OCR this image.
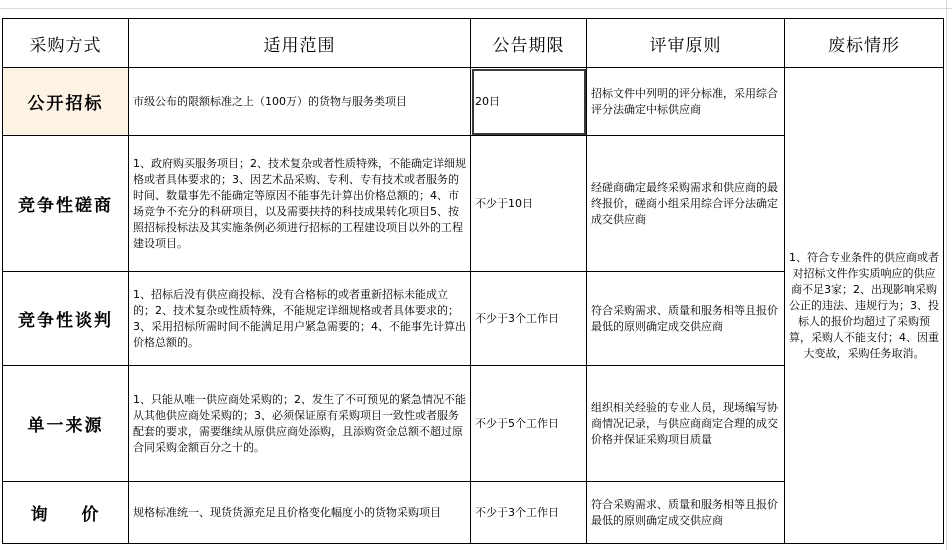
采购方式	适用范围	公告期限	评审原则	废标情形
公开招标	市级公布的限额标准之上（100万）的货物与服务类项目	20日	招标文件中列明的评分标准，采用综合评分法确定中标供应商	1、符合专业条件的供应商或者对招标文件作实质响应的供应商不足3家；2、出现影响采购公正的违法、违规行为；3、投标人的报价均超过了采购预算，采购人不能支付；4、因重大变故，采购任务取消。
竞争性磋商	1、政府购买服务项目；2、技术复杂或者性质特殊，不能确定详细规格或者具体要求的；3、因艺术品采购、专利、专有技术或者服务的时间、数量事先不能确定等原因不能事先计算出价格总额的；4、市场竞争不充分的科研项目，以及需要扶持的科技成果转化项目5、按照招标投标法及其实施条例必须进行招标的工程建设项目以外的工程建设项目。	不少于10日	经磋商确定最终采购需求和供应商的最终报价，磋商小组采用综合评分法确定成交供应商	
竞争性谈判	1、招标后没有供应商投标、没有合格标的或者重新招标未能成立的；2、技术复杂或性质特殊，不能规定详细规格或者具体要求的；3、采用招标所需时间不能满足用户紧急需要的；4、不能事先计算出价格总额的。	不少于3个工作日	符合采购需求、质量和服务相等且报价最低的原则确定成交供应商	
单一来源	1、只能从唯一供应商处采购的；2、发生了不可预见的紧急情况不能从其他供应商处采购的；3、必须保证原有采购项目一致性或者服务配套的要求，需要继续从原供应商处添购，且添购资金总额不超过原合同采购金额百分之十的。	不少于5个工作日	组织相关经验的专业人员，现场编写协商情况记录，与供应商商定合理的成交价格并保证采购项目质量	
询    价	规格标准统一、现货货源充足且价格变化幅度小的货物采购项目	不少于3个工作日	符合采购需求、质量和服务相等且报价最低的原则确定成交供应商	
